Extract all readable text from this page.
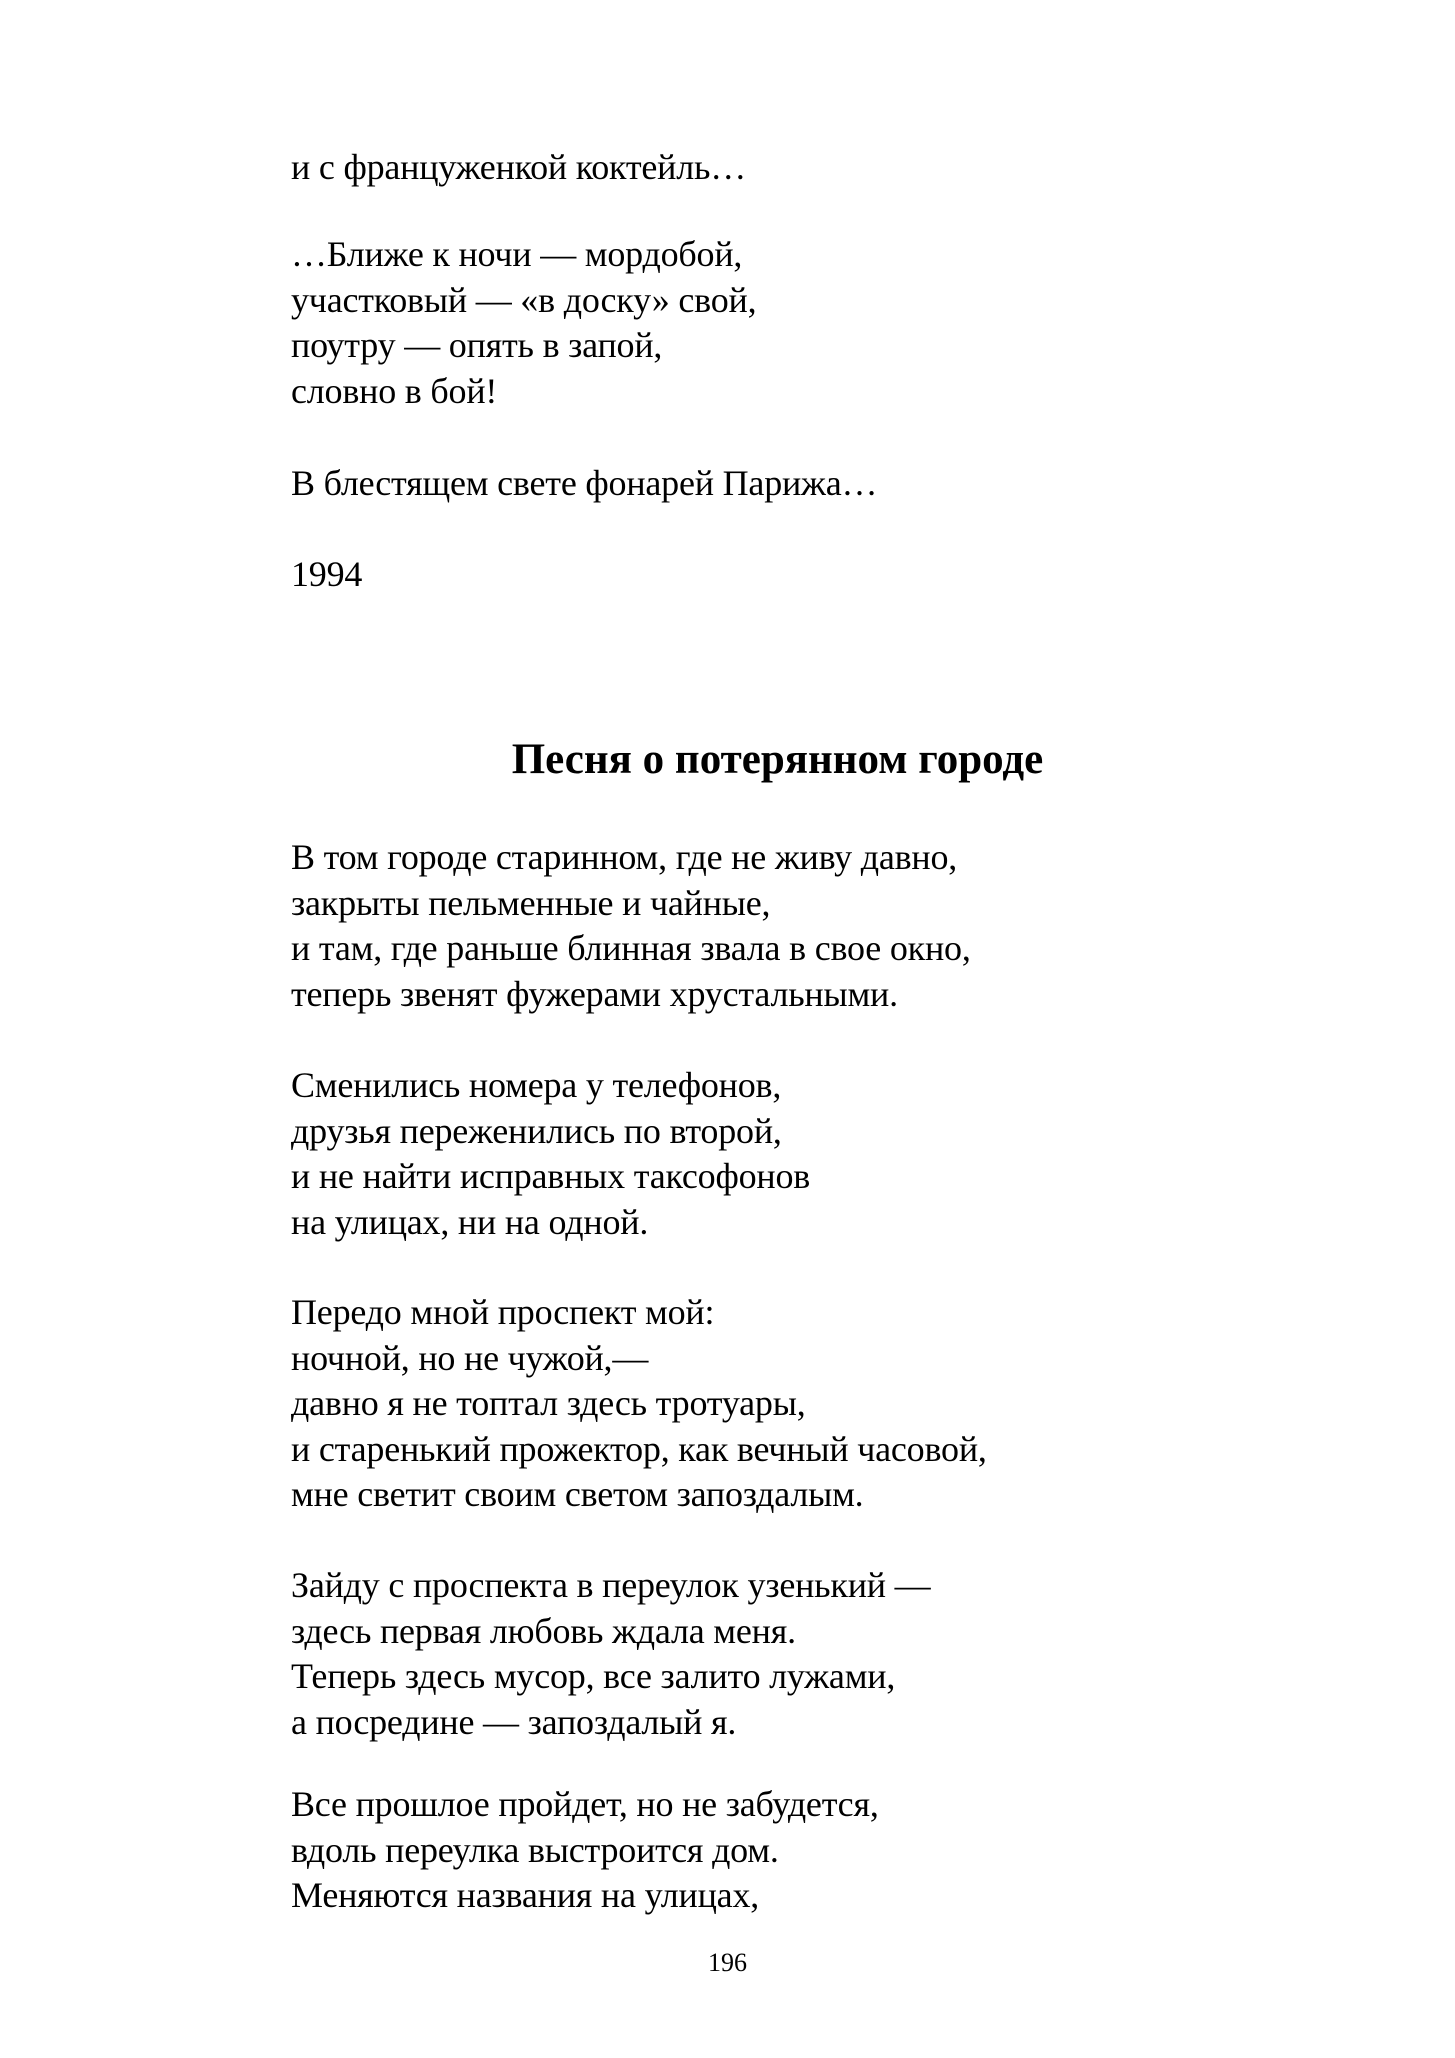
и с француженкой коктейль…
…Ближе к ночи — мордобой,
участковый — «в доску» свой,
поутру — опять в запой,
словно в бой!
В блестящем свете фонарей Парижа…
1994
Песня о потерянном городе
В том городе старинном, где не живу давно,
закрыты пельменные и чайные,
и там, где раньше блинная звала в свое окно,
теперь звенят фужерами хрустальными.
Сменились номера у телефонов,
друзья переженились по второй,
и не найти исправных таксофонов
на улицах, ни на одной.
Передо мной проспект мой:
ночной, но не чужой,—
давно я не топтал здесь тротуары,
и старенький прожектор, как вечный часовой,
мне светит своим светом запоздалым.
Зайду с проспекта в переулок узенький —
здесь первая любовь ждала меня.
Теперь здесь мусор, все залито лужами,
а посредине — запоздалый я.
Все прошлое пройдет, но не забудется,
вдоль переулка выстроится дом.
Меняются названия на улицах,
196
